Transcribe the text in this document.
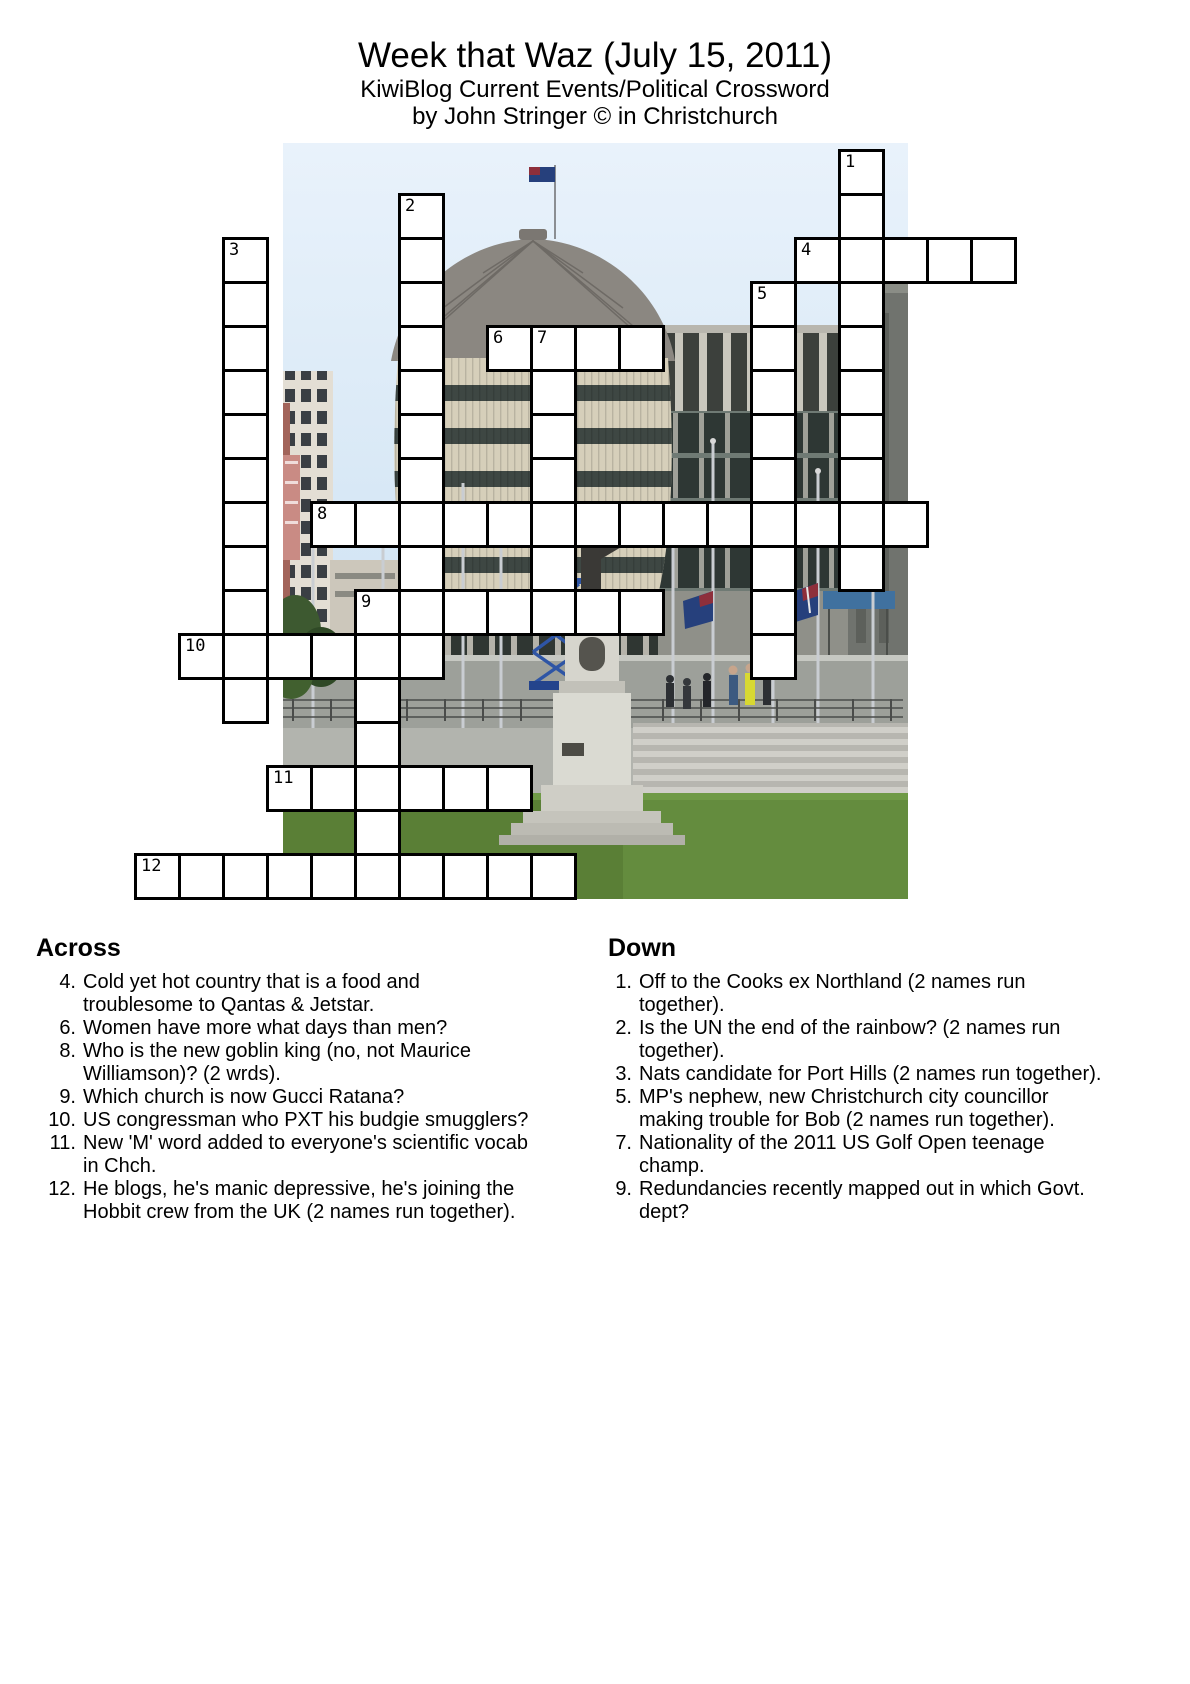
Week that Waz (July 15, 2011)
KiwiBlog Current Events/Political Crossword
by John Stringer © in Christchurch
1
2
3	4
5
6 7
8
9
10
11
12
Across
4. Cold yet hot country that is a food and troublesome to Qantas & Jetstar.
6. Women have more what days than men?
8. Who is the new goblin king (no, not Maurice Williamson)? (2 wrds).
9. Which church is now Gucci Ratana?
10. US congressman who PXT his budgie smugglers?
11. New 'M' word added to everyone's scientific vocab in Chch.
12. He blogs, he's manic depressive, he's joining the Hobbit crew from the UK (2 names run together).
Down
1. Off to the Cooks ex Northland (2 names run together).
2. Is the UN the end of the rainbow? (2 names run together).
3. Nats candidate for Port Hills (2 names run together).
5. MP's nephew, new Christchurch city councillor making trouble for Bob (2 names run together).
7. Nationality of the 2011 US Golf Open teenage champ.
9. Redundancies recently mapped out in which Govt. dept?
